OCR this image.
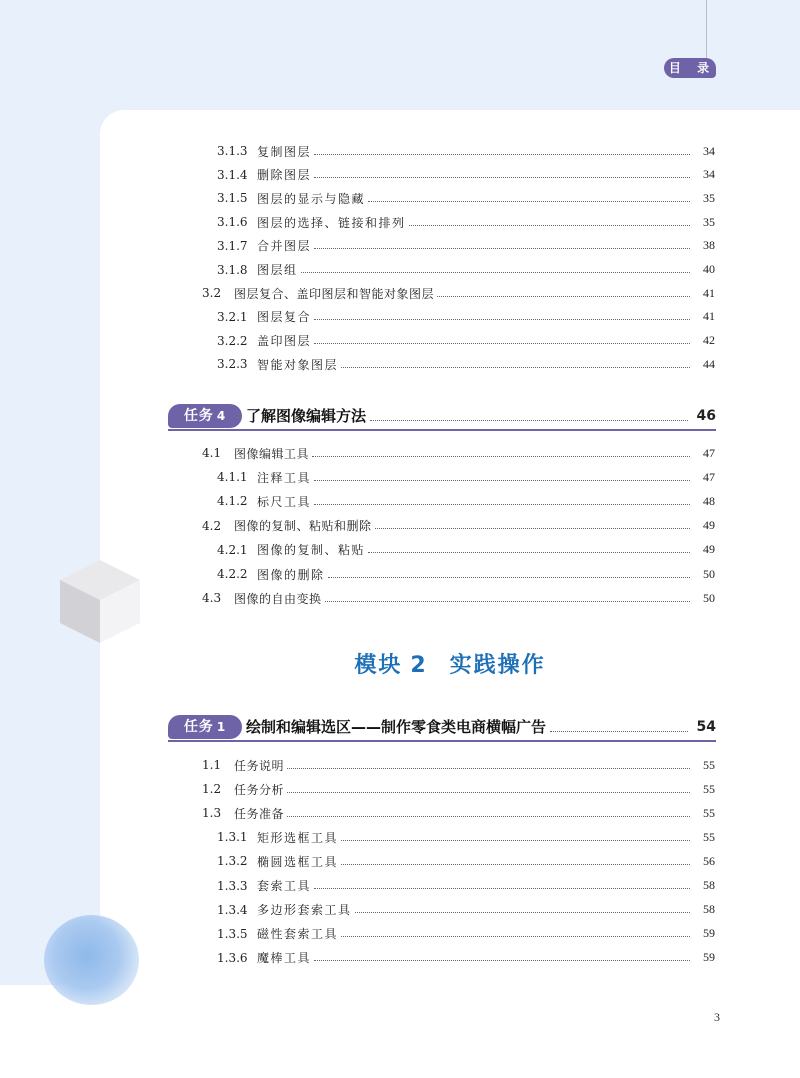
目 录
3.1.3 复制图层	34
3.1.4 删除图层	34
3.1.5 图层的显示与隐藏	35
3.1.6 图层的选择、链接和排列	35
3.1.7 合并图层	38
3.1.8 图层组	40
3.2	图层复合、盖印图层和智能对象图层	41
3.2.1 图层复合	41
3.2.2 盖印图层	42
3.2.3 智能对象图层	44
任务 4	了解图像编辑方法	46
4.1	图像编辑工具	47
4.1.1 注释工具	47
4.1.2 标尺工具	48
4.2	图像的复制、粘贴和删除	49
4.2.1 图像的复制、粘贴	49
4.2.2 图像的删除	50
4.3	图像的自由变换	50
模块 2 实践操作
任务 1	绘制和编辑选区——制作零食类电商横幅广告	54
1.1	任务说明	55
1.2	任务分析	55
1.3	任务准备	55
1.3.1 矩形选框工具	55
1.3.2 椭圆选框工具	56
1.3.3 套索工具	58
1.3.4 多边形套索工具	58
1.3.5 磁性套索工具	59
1.3.6 魔棒工具	59
3
